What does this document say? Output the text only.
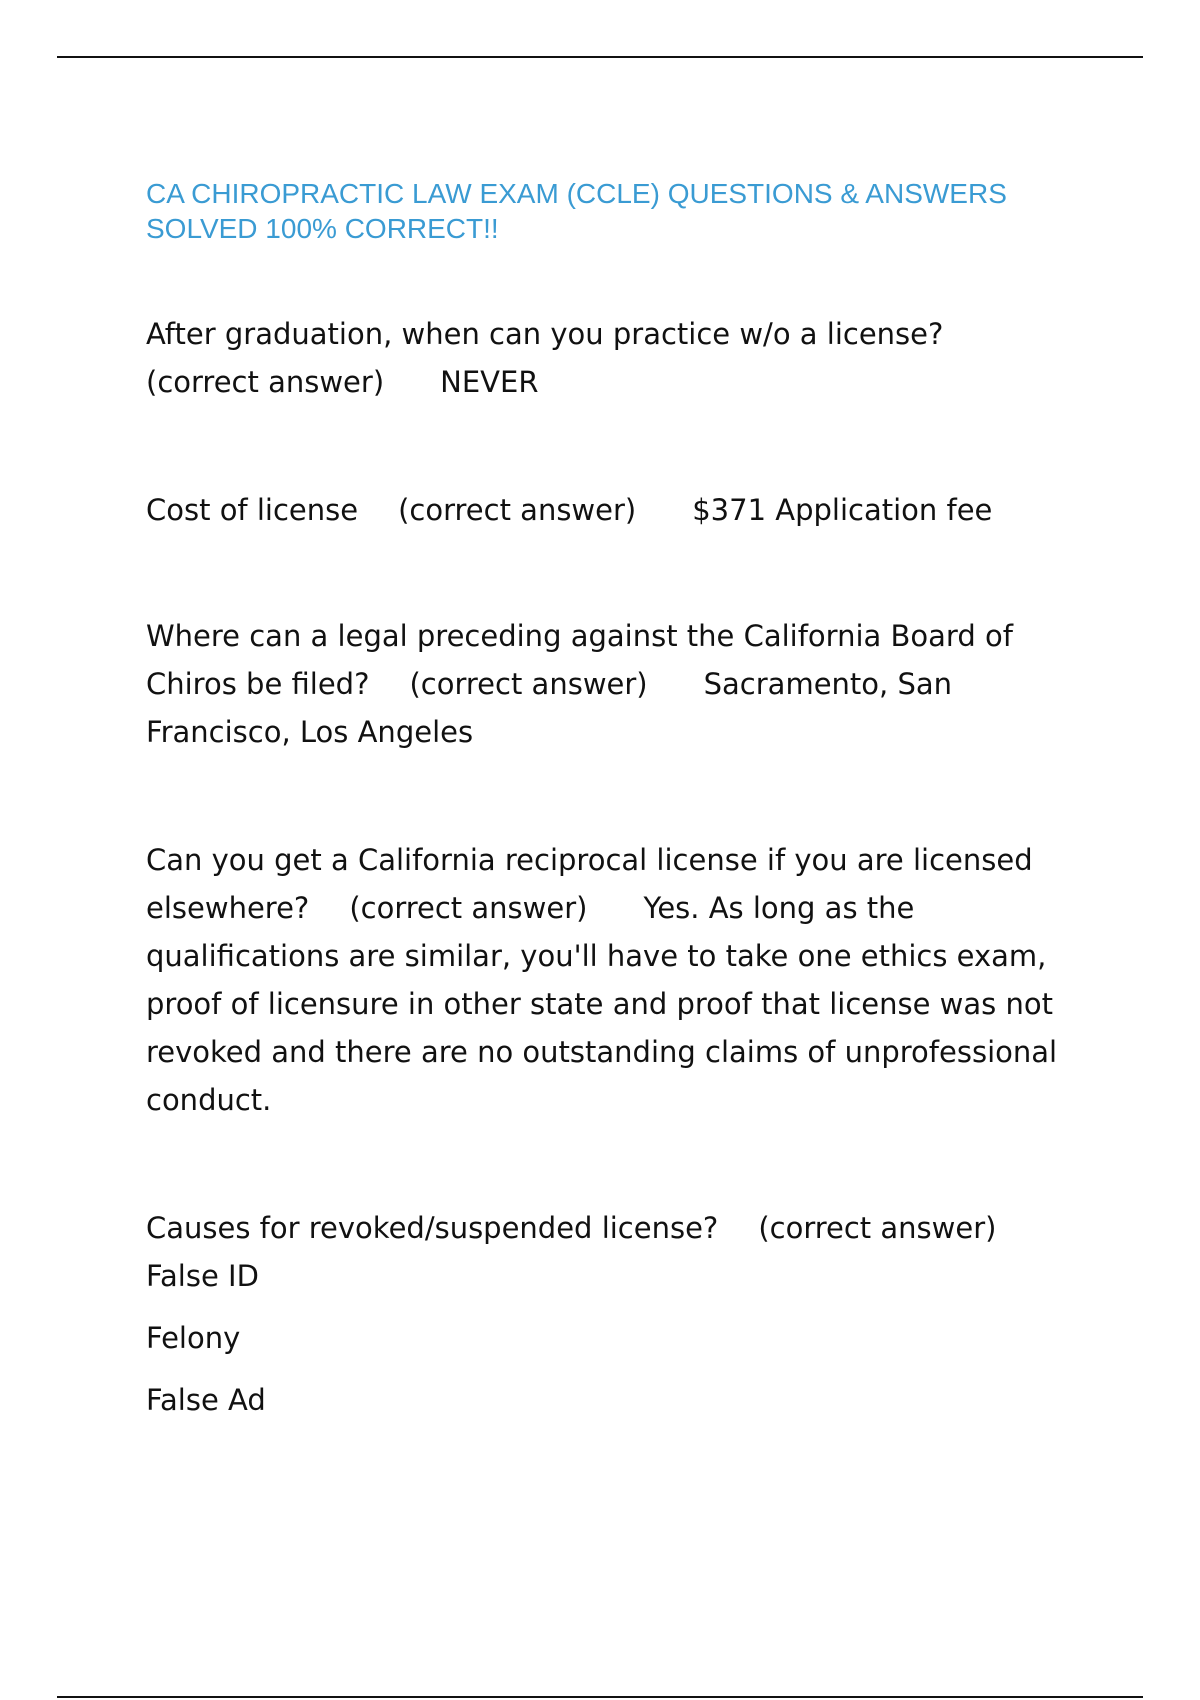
CA CHIROPRACTIC LAW EXAM (CCLE) QUESTIONS & ANSWERS
SOLVED 100% CORRECT!!

After graduation, when can you practice w/o a license?
(correct answer) NEVER

Cost of license (correct answer) $371 Application fee

Where can a legal preceding against the California Board of Chiros be filed? (correct answer) Sacramento, San Francisco, Los Angeles

Can you get a California reciprocal license if you are licensed elsewhere? (correct answer) Yes. As long as the qualifications are similar, you'll have to take one ethics exam, proof of licensure in other state and proof that license was not revoked and there are no outstanding claims of unprofessional conduct.

Causes for revoked/suspended license? (correct answer)
False ID
Felony
False Ad
